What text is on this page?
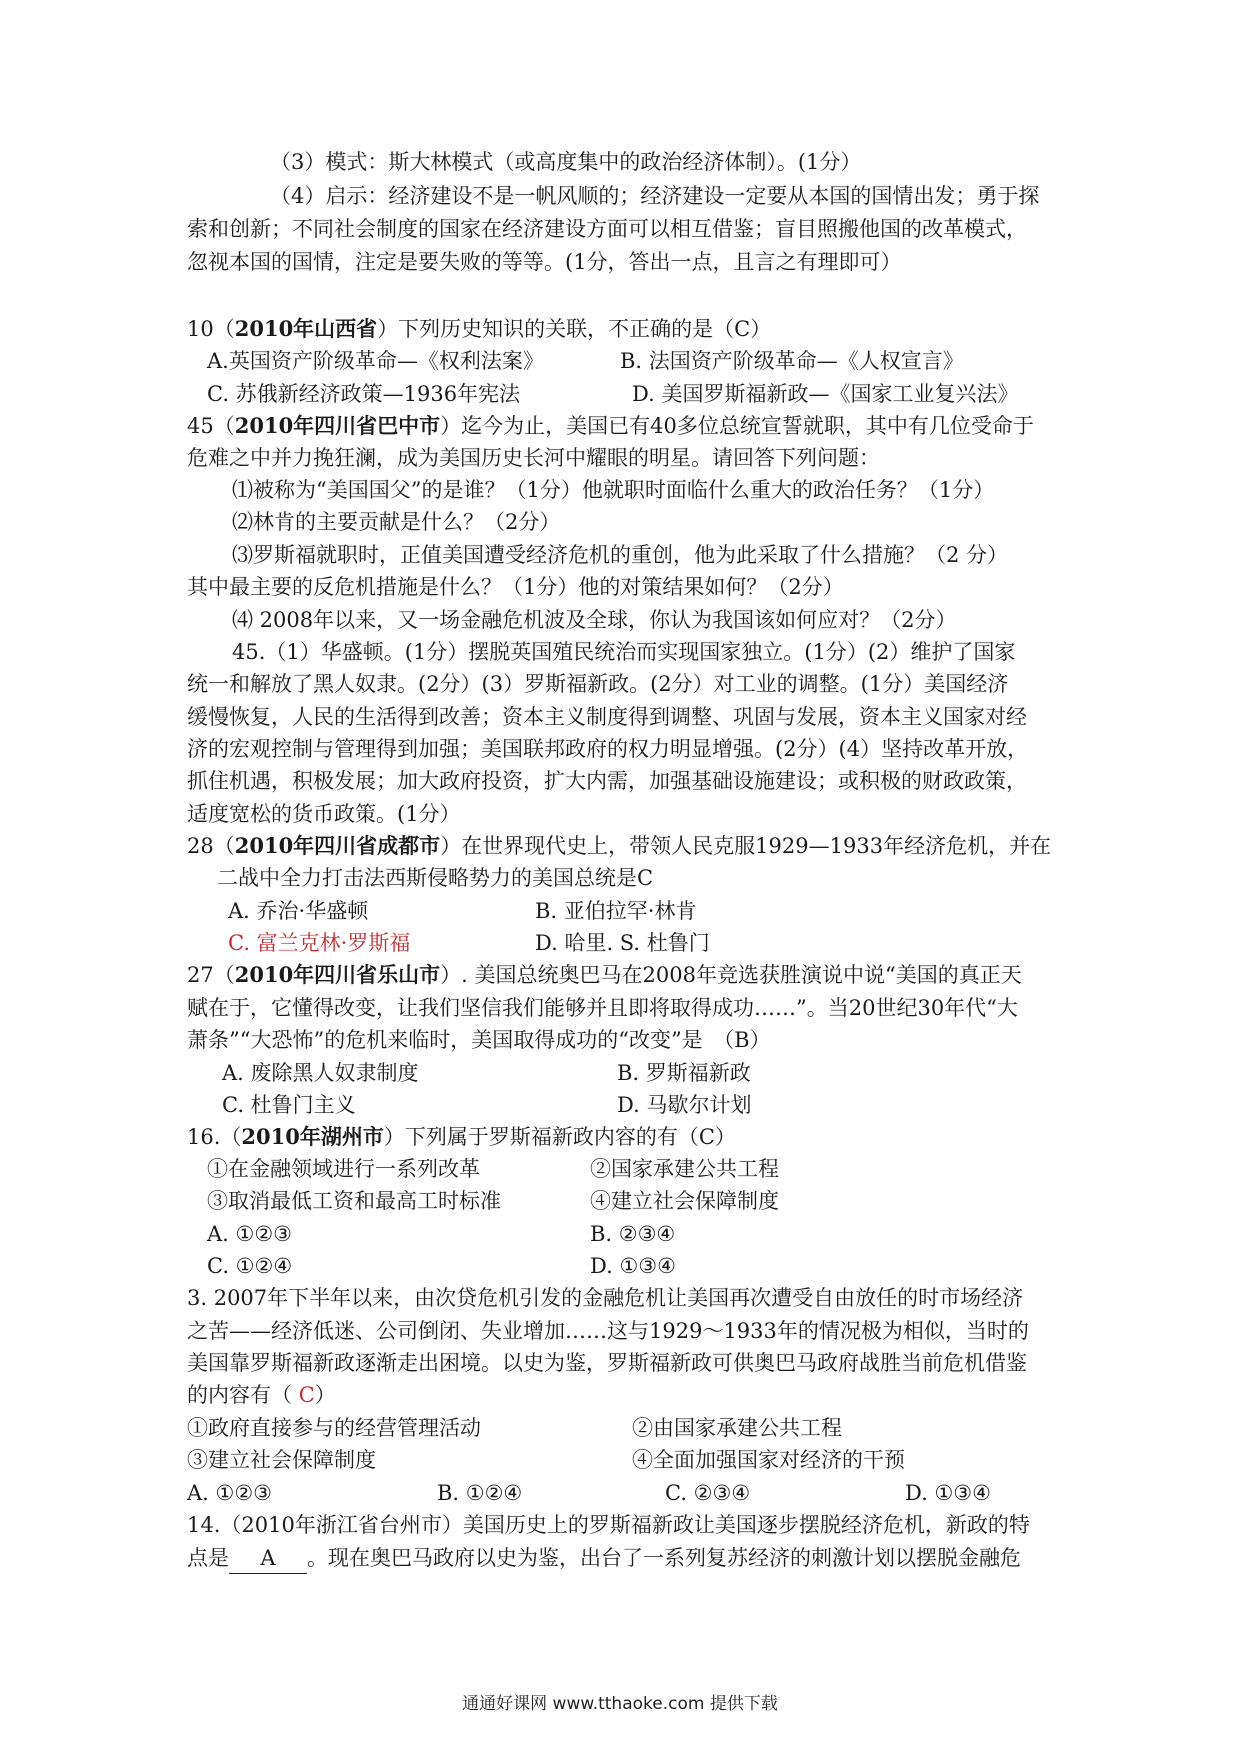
（3）模式：斯大林模式（或高度集中的政治经济体制）。(1分）
（4）启示：经济建设不是一帆风顺的；经济建设一定要从本国的国情出发；勇于探
索和创新；不同社会制度的国家在经济建设方面可以相互借鉴；盲目照搬他国的改革模式，
忽视本国的国情，注定是要失败的等等。(1分，答出一点，且言之有理即可）
10（2010年山西省）下列历史知识的关联，不正确的是（C）
A.英国资产阶级革命—《权利法案》	B. 法国资产阶级革命—《人权宣言》
C. 苏俄新经济政策—1936年宪法	D. 美国罗斯福新政—《国家工业复兴法》
45（2010年四川省巴中市）迄今为止，美国已有40多位总统宣誓就职，其中有几位受命于
危难之中并力挽狂澜，成为美国历史长河中耀眼的明星。请回答下列问题：
⑴被称为“美国国父”的是谁？（1分）他就职时面临什么重大的政治任务？（1分）
⑵林肯的主要贡献是什么？（2分）
⑶罗斯福就职时，正值美国遭受经济危机的重创，他为此采取了什么措施？（2 分）
其中最主要的反危机措施是什么？（1分）他的对策结果如何？（2分）
⑷ 2008年以来，又一场金融危机波及全球，你认为我国该如何应对？（2分）
45.（1）华盛顿。(1分）摆脱英国殖民统治而实现国家独立。(1分）(2）维护了国家
统一和解放了黑人奴隶。(2分）(3）罗斯福新政。(2分）对工业的调整。(1分）美国经济
缓慢恢复，人民的生活得到改善；资本主义制度得到调整、巩固与发展，资本主义国家对经
济的宏观控制与管理得到加强；美国联邦政府的权力明显增强。(2分）(4）坚持改革开放，
抓住机遇，积极发展；加大政府投资，扩大内需，加强基础设施建设；或积极的财政政策，
适度宽松的货币政策。(1分）
28（2010年四川省成都市）在世界现代史上，带领人民克服1929—1933年经济危机，并在
二战中全力打击法西斯侵略势力的美国总统是C
A. 乔治·华盛顿	B. 亚伯拉罕·林肯
C. 富兰克林·罗斯福	D. 哈里. S. 杜鲁门
27（2010年四川省乐山市）. 美国总统奥巴马在2008年竞选获胜演说中说“美国的真正天
赋在于，它懂得改变，让我们坚信我们能够并且即将取得成功……”。当20世纪30年代“大
萧条”“大恐怖”的危机来临时，美国取得成功的“改变”是　（B）
A. 废除黑人奴隶制度	B. 罗斯福新政
C. 杜鲁门主义	D. 马歇尔计划
16.（2010年湖州市）下列属于罗斯福新政内容的有（C）
①在金融领域进行一系列改革	②国家承建公共工程
③取消最低工资和最高工时标准	④建立社会保障制度
A. ①②③	B. ②③④
C. ①②④	D. ①③④
3. 2007年下半年以来，由次贷危机引发的金融危机让美国再次遭受自由放任的时市场经济
之苦——经济低迷、公司倒闭、失业增加……这与1929～1933年的情况极为相似，当时的
美国靠罗斯福新政逐渐走出困境。以史为鉴，罗斯福新政可供奥巴马政府战胜当前危机借鉴
的内容有（ C）
①政府直接参与的经营管理活动	②由国家承建公共工程
③建立社会保障制度	④全面加强国家对经济的干预
A. ①②③	B. ①②④	C. ②③④	D. ①③④
14.（2010年浙江省台州市）美国历史上的罗斯福新政让美国逐步摆脱经济危机，新政的特
点是 A 。现在奥巴马政府以史为鉴，出台了一系列复苏经济的刺激计划以摆脱金融危
通通好课网 www.tthaoke.com 提供下载
